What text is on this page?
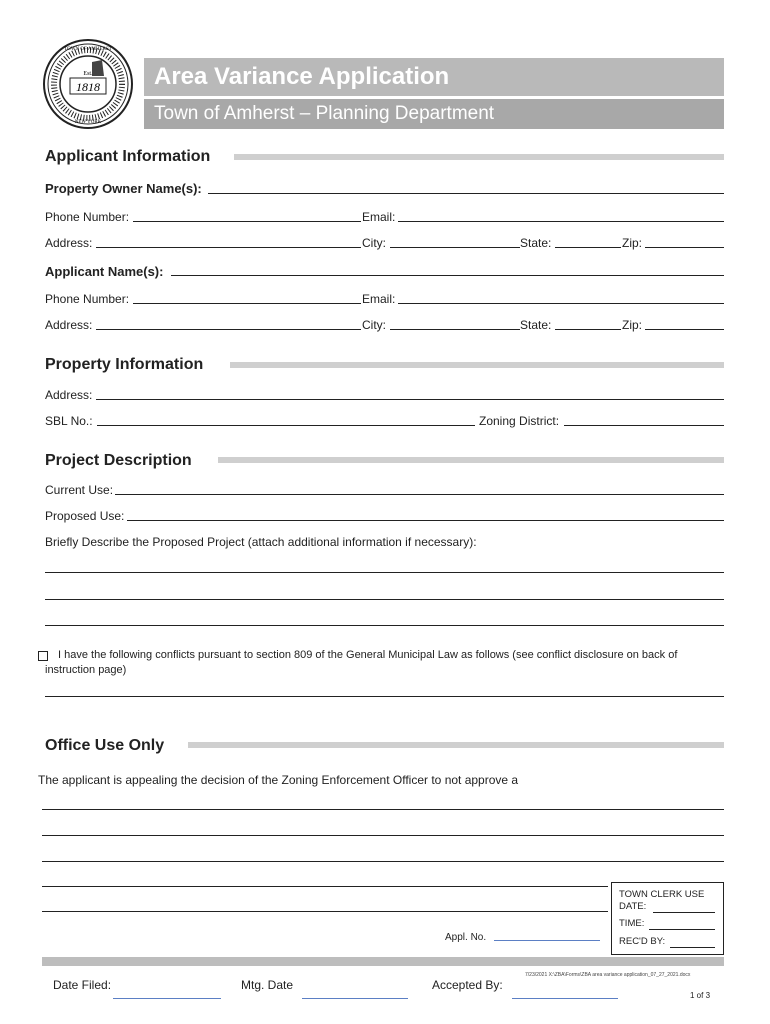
Est.
1818
TOWN OF AMHERST
NEW YORK
Area Variance Application
Town of Amherst – Planning Department
Applicant Information
Property Owner Name(s):
Phone Number:	Email:
Address:	City:	State:	Zip:
Applicant Name(s):
Phone Number:	Email:
Address:	City:	State:	Zip:
Property Information
Address:
SBL No.:	Zoning District:
Project Description
Current Use:
Proposed Use:
Briefly Describe the Proposed Project (attach additional information if necessary):
I have the following conflicts pursuant to section 809 of the General Municipal Law as follows (see conflict disclosure on back of
instruction page)
Office Use Only
The applicant is appealing the decision of the Zoning Enforcement Officer to not approve a
Appl. No.
TOWN CLERK USE
DATE:
TIME:
REC'D BY:
Date Filed:	Mtg. Date	Accepted By:
7/23/2021 X:\ZBA\Forms\ZBA area variance application_07_27_2021.docx
1 of 3
